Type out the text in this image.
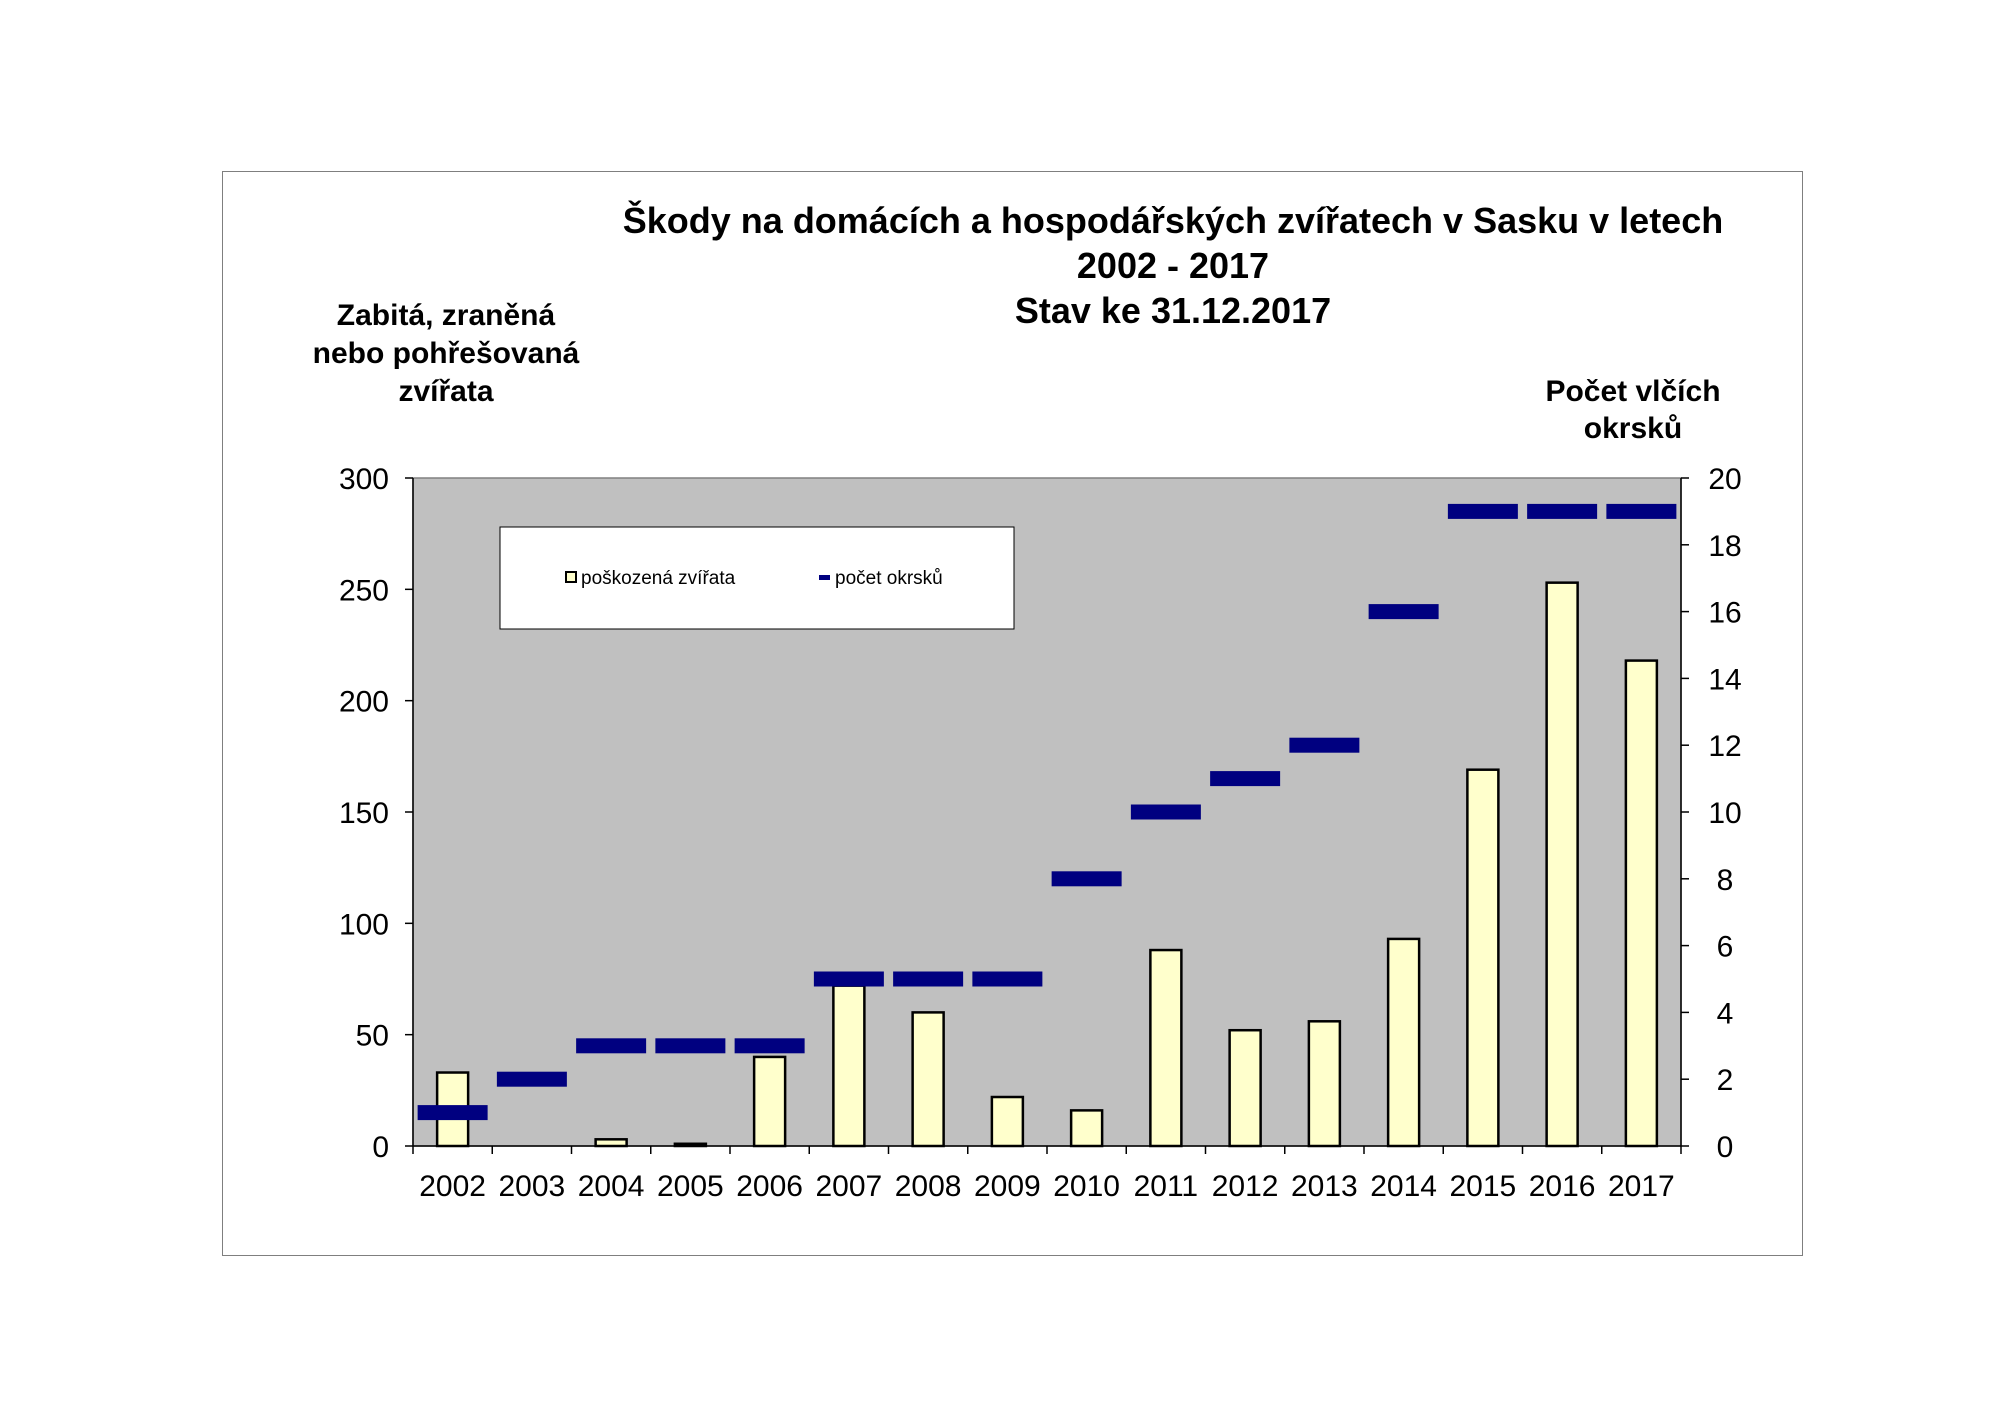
Škody na domácích a hospodářských zvířatech v Sasku v letech
2002 - 2017
Stav ke 31.12.2017
Zabitá, zraněná
nebo pohřešovaná
zvířata	Počet vlčích
okrsků
0
50
100
150
200
250
300
0
2
4
6
8
10
12
14
16
18
20
2002 2003 2004 2005 2006 2007 2008 2009 2010 2011 2012 2013 2014 2015 2016 2017
poškozená zvířata	počet okrsků
